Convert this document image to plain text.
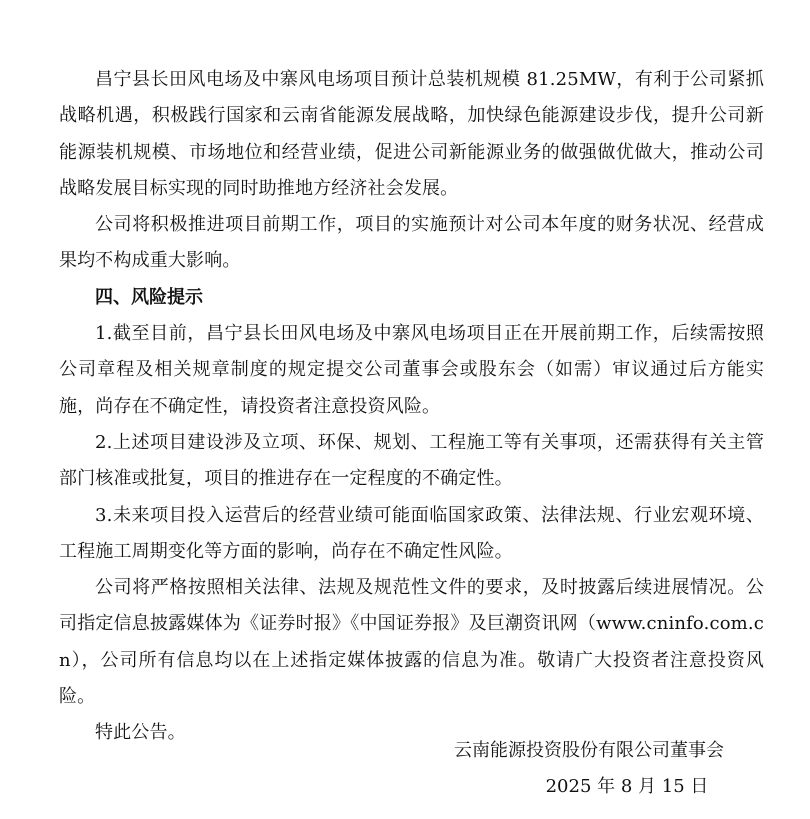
昌宁县长田风电场及中寨风电场项目预计总装机规模 81.25MW，有利于公司紧抓战略机遇，积极践行国家和云南省能源发展战略，加快绿色能源建设步伐，提升公司新能源装机规模、市场地位和经营业绩，促进公司新能源业务的做强做优做大，推动公司战略发展目标实现的同时助推地方经济社会发展。

公司将积极推进项目前期工作，项目的实施预计对公司本年度的财务状况、经营成果均不构成重大影响。

四、风险提示

1.截至目前，昌宁县长田风电场及中寨风电场项目正在开展前期工作，后续需按照公司章程及相关规章制度的规定提交公司董事会或股东会（如需）审议通过后方能实施，尚存在不确定性，请投资者注意投资风险。

2.上述项目建设涉及立项、环保、规划、工程施工等有关事项，还需获得有关主管部门核准或批复，项目的推进存在一定程度的不确定性。

3.未来项目投入运营后的经营业绩可能面临国家政策、法律法规、行业宏观环境、工程施工周期变化等方面的影响，尚存在不确定性风险。

公司将严格按照相关法律、法规及规范性文件的要求，及时披露后续进展情况。公司指定信息披露媒体为《证券时报》《中国证券报》及巨潮资讯网（www.cninfo.com.cn），公司所有信息均以在上述指定媒体披露的信息为准。敬请广大投资者注意投资风险。

特此公告。

云南能源投资股份有限公司董事会

2025 年 8 月 15 日
